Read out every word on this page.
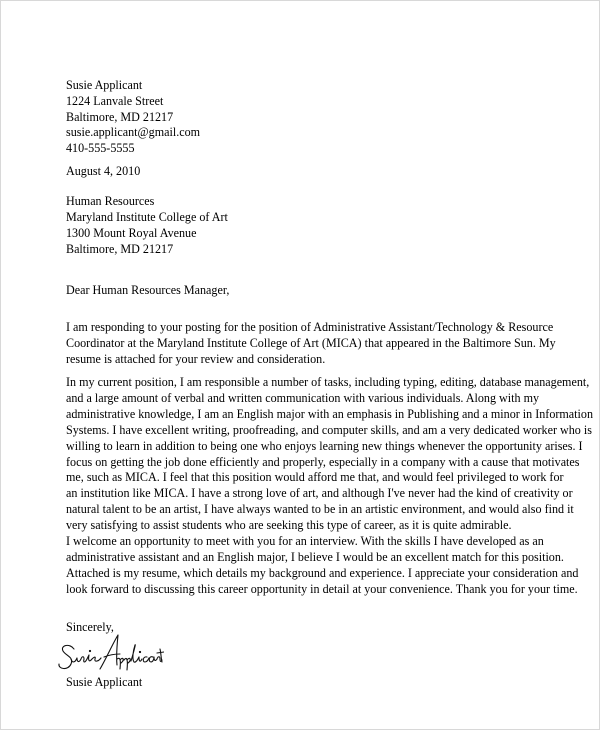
Susie Applicant
1224 Lanvale Street
Baltimore, MD 21217
susie.applicant@gmail.com
410-555-5555
August 4, 2010
Human Resources
Maryland Institute College of Art
1300 Mount Royal Avenue
Baltimore, MD 21217
Dear Human Resources Manager,
I am responding to your posting for the position of Administrative Assistant/Technology & Resource
Coordinator at the Maryland Institute College of Art (MICA) that appeared in the Baltimore Sun. My
resume is attached for your review and consideration.
In my current position, I am responsible a number of tasks, including typing, editing, database management,
and a large amount of verbal and written communication with various individuals. Along with my
administrative knowledge, I am an English major with an emphasis in Publishing and a minor in Information
Systems. I have excellent writing, proofreading, and computer skills, and am a very dedicated worker who is
willing to learn in addition to being one who enjoys learning new things whenever the opportunity arises. I
focus on getting the job done efficiently and properly, especially in a company with a cause that motivates
me, such as MICA. I feel that this position would afford me that, and would feel privileged to work for
an institution like MICA. I have a strong love of art, and although I've never had the kind of creativity or
natural talent to be an artist, I have always wanted to be in an artistic environment, and would also find it
very satisfying to assist students who are seeking this type of career, as it is quite admirable.
I welcome an opportunity to meet with you for an interview. With the skills I have developed as an
administrative assistant and an English major, I believe I would be an excellent match for this position.
Attached is my resume, which details my background and experience. I appreciate your consideration and
look forward to discussing this career opportunity in detail at your convenience. Thank you for your time.
Sincerely,
Susie Applicant
